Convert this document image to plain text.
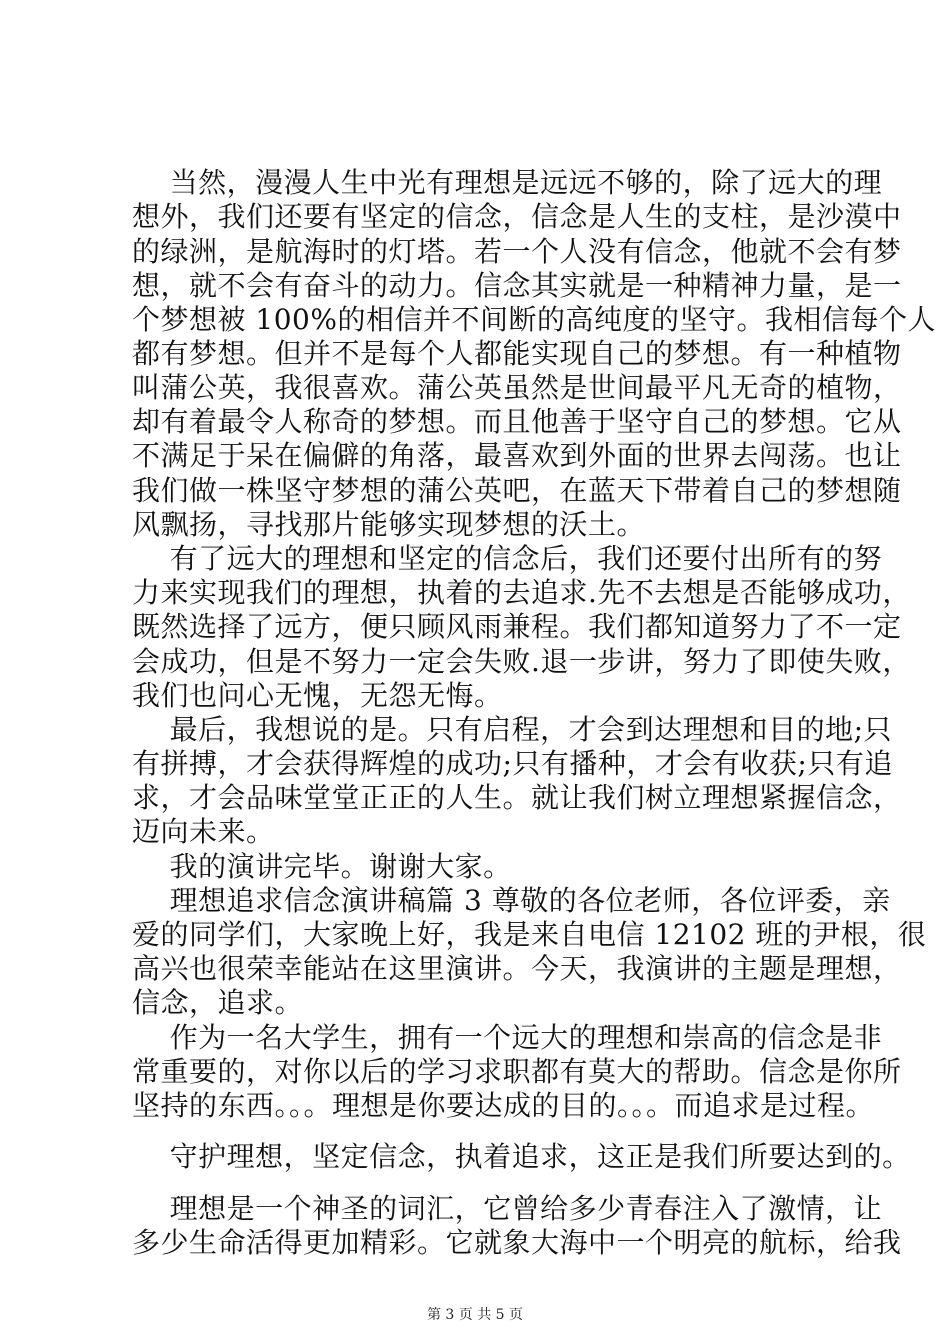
当然，漫漫人生中光有理想是远远不够的，除了远大的理
想外，我们还要有坚定的信念，信念是人生的支柱，是沙漠中
的绿洲，是航海时的灯塔。若一个人没有信念，他就不会有梦
想，就不会有奋斗的动力。信念其实就是一种精神力量，是一
个梦想被 100%的相信并不间断的高纯度的坚守。我相信每个人
都有梦想。但并不是每个人都能实现自己的梦想。有一种植物
叫蒲公英，我很喜欢。蒲公英虽然是世间最平凡无奇的植物，
却有着最令人称奇的梦想。而且他善于坚守自己的梦想。它从
不满足于呆在偏僻的角落，最喜欢到外面的世界去闯荡。也让
我们做一株坚守梦想的蒲公英吧，在蓝天下带着自己的梦想随
风飘扬，寻找那片能够实现梦想的沃土。
有了远大的理想和坚定的信念后，我们还要付出所有的努
力来实现我们的理想，执着的去追求.先不去想是否能够成功，
既然选择了远方，便只顾风雨兼程。我们都知道努力了不一定
会成功，但是不努力一定会失败.退一步讲，努力了即使失败，
我们也问心无愧，无怨无悔。
最后，我想说的是。只有启程，才会到达理想和目的地;只
有拼搏，才会获得辉煌的成功;只有播种，才会有收获;只有追
求，才会品味堂堂正正的人生。就让我们树立理想紧握信念，
迈向未来。
我的演讲完毕。谢谢大家。
理想追求信念演讲稿篇 3 尊敬的各位老师，各位评委，亲
爱的同学们，大家晚上好，我是来自电信 12102 班的尹根，很
高兴也很荣幸能站在这里演讲。今天，我演讲的主题是理想，
信念，追求。
作为一名大学生，拥有一个远大的理想和崇高的信念是非
常重要的，对你以后的学习求职都有莫大的帮助。信念是你所
坚持的东西。。。理想是你要达成的目的。。。而追求是过程。
守护理想，坚定信念，执着追求，这正是我们所要达到的。
理想是一个神圣的词汇，它曾给多少青春注入了激情，让
多少生命活得更加精彩。它就象大海中一个明亮的航标，给我
第 3 页 共 5 页
